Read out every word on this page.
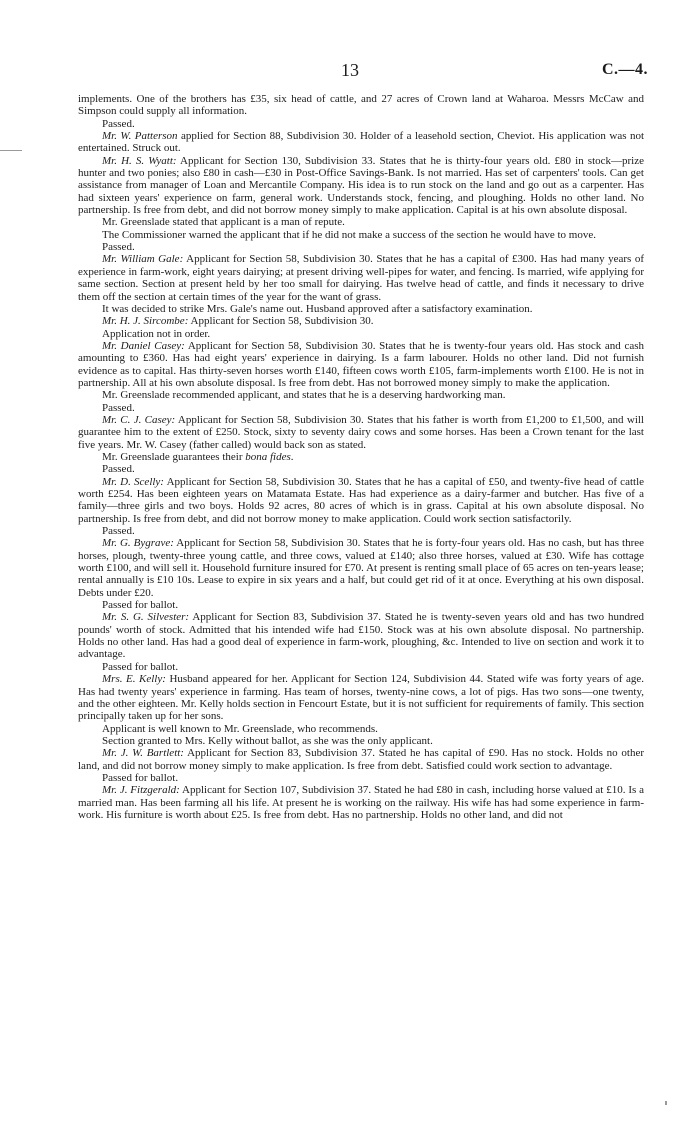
13	C.—4.

implements. One of the brothers has £35, six head of cattle, and 27 acres of Crown land at Waharoa. Messrs McCaw and Simpson could supply all information.

Passed.

Mr. W. Patterson applied for Section 88, Subdivision 30. Holder of a leasehold section, Cheviot. His application was not entertained. Struck out.

Mr. H. S. Wyatt: Applicant for Section 130, Subdivision 33. States that he is thirty-four years old. £80 in stock—prize hunter and two ponies; also £80 in cash—£30 in Post-Office Savings-Bank. Is not married. Has set of carpenters' tools. Can get assistance from manager of Loan and Mercantile Company. His idea is to run stock on the land and go out as a carpenter. Has had sixteen years' experience on farm, general work. Understands stock, fencing, and ploughing. Holds no other land. No partnership. Is free from debt, and did not borrow money simply to make application. Capital is at his own absolute disposal.

Mr. Greenslade stated that applicant is a man of repute.

The Commissioner warned the applicant that if he did not make a success of the section he would have to move.

Passed.

Mr. William Gale: Applicant for Section 58, Subdivision 30. States that he has a capital of £300. Has had many years of experience in farm-work, eight years dairying; at present driving well-pipes for water, and fencing. Is married, wife applying for same section. Section at present held by her too small for dairying. Has twelve head of cattle, and finds it necessary to drive them off the section at certain times of the year for the want of grass.

It was decided to strike Mrs. Gale's name out. Husband approved after a satisfactory examination.

Mr. H. J. Sircombe: Applicant for Section 58, Subdivision 30.

Application not in order.

Mr. Daniel Casey: Applicant for Section 58, Subdivision 30. States that he is twenty-four years old. Has stock and cash amounting to £360. Has had eight years' experience in dairying. Is a farm labourer. Holds no other land. Did not furnish evidence as to capital. Has thirty-seven horses worth £140, fifteen cows worth £105, farm-implements worth £100. He is not in partnership. All at his own absolute disposal. Is free from debt. Has not borrowed money simply to make the application.

Mr. Greenslade recommended applicant, and states that he is a deserving hardworking man.

Passed.

Mr. C. J. Casey: Applicant for Section 58, Subdivision 30. States that his father is worth from £1,200 to £1,500, and will guarantee him to the extent of £250. Stock, sixty to seventy dairy cows and some horses. Has been a Crown tenant for the last five years. Mr. W. Casey (father called) would back son as stated.

Mr. Greenslade guarantees their bona fides.

Passed.

Mr. D. Scelly: Applicant for Section 58, Subdivision 30. States that he has a capital of £50, and twenty-five head of cattle worth £254. Has been eighteen years on Matamata Estate. Has had experience as a dairy-farmer and butcher. Has five of a family—three girls and two boys. Holds 92 acres, 80 acres of which is in grass. Capital at his own absolute disposal. No partnership. Is free from debt, and did not borrow money to make application. Could work section satisfactorily.

Passed.

Mr. G. Bygrave: Applicant for Section 58, Subdivision 30. States that he is forty-four years old. Has no cash, but has three horses, plough, twenty-three young cattle, and three cows, valued at £140; also three horses, valued at £30. Wife has cottage worth £100, and will sell it. Household furniture insured for £70. At present is renting small place of 65 acres on ten-years lease; rental annually is £10 10s. Lease to expire in six years and a half, but could get rid of it at once. Everything at his own disposal. Debts under £20.

Passed for ballot.

Mr. S. G. Silvester: Applicant for Section 83, Subdivision 37. Stated he is twenty-seven years old and has two hundred pounds' worth of stock. Admitted that his intended wife had £150. Stock was at his own absolute disposal. No partnership. Holds no other land. Has had a good deal of experience in farm-work, ploughing, &c. Intended to live on section and work it to advantage.

Passed for ballot.

Mrs. E. Kelly: Husband appeared for her. Applicant for Section 124, Subdivision 44. Stated wife was forty years of age. Has had twenty years' experience in farming. Has team of horses, twenty-nine cows, a lot of pigs. Has two sons—one twenty, and the other eighteen. Mr. Kelly holds section in Fencourt Estate, but it is not sufficient for requirements of family. This section principally taken up for her sons.

Applicant is well known to Mr. Greenslade, who recommends.

Section granted to Mrs. Kelly without ballot, as she was the only applicant.

Mr. J. W. Bartlett: Applicant for Section 83, Subdivision 37. Stated he has capital of £90. Has no stock. Holds no other land, and did not borrow money simply to make application. Is free from debt. Satisfied could work section to advantage.

Passed for ballot.

Mr. J. Fitzgerald: Applicant for Section 107, Subdivision 37. Stated he had £80 in cash, including horse valued at £10. Is a married man. Has been farming all his life. At present he is working on the railway. His wife has had some experience in farm-work. His furniture is worth about £25. Is free from debt. Has no partnership. Holds no other land, and did not
